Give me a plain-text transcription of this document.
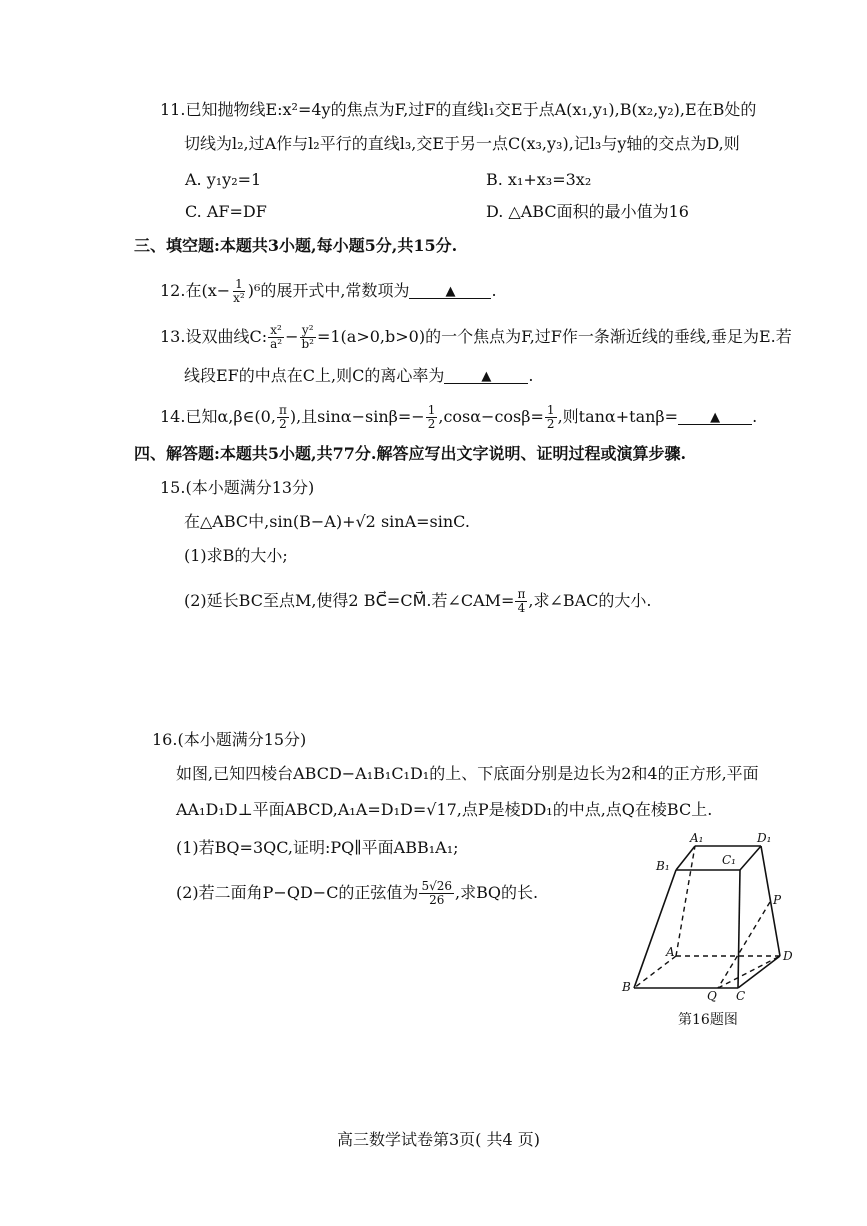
11.已知抛物线E:x²=4y的焦点为F,过F的直线l₁交E于点A(x₁,y₁),B(x₂,y₂),E在B处的
切线为l₂,过A作与l₂平行的直线l₃,交E于另一点C(x₃,y₃),记l₃与y轴的交点为D,则
A. y₁y₂=1	B. x₁+x₃=3x₂
C. AF=DF	D. △ABC面积的最小值为16
三、填空题:本题共3小题,每小题5分,共15分.
12.在$(x- \frac{1}{\text{x²}} )^6$的展开式中,常数项为	▲ .
13.设双曲线C: $\frac{\text{x²}}{\text{a²}} - \frac{\text{y²}}{\text{b²}} =1(a>0,b>0)$的一个焦点为F,过F作一条渐近线的垂线,垂足为E.若
线段EF的中点在C上,则C的离心率为	▲ .
14.已知α,β∈(0, $\frac{\pi}{2}$ ),且$\sin\alpha-\sin\beta=- \frac{1}{2} ,\cos\alpha-\cos\beta= \frac{1}{2}$ ,则tanα+tanβ= ▲ .
四、解答题:本题共5小题,共77分.解答应写出文字说明、证明过程或演算步骤.
15.(本小题满分13分)
在△ABC中,sin(B−A)+√2 sinA=sinC.
(1)求B的大小;
(2)延长BC至点M,使得2 BC⃗=CM⃗.若∠CAM= $\frac{\pi}{4}$ ,求∠BAC的大小.
16.(本小题满分15分)
如图,已知四棱台ABCD−A₁B₁C₁D₁的上、下底面分别是边长为2和4的正方形,平面
AA₁D₁D⊥平面ABCD,A₁A=D₁D=√17,点P是棱DD₁的中点,点Q在棱BC上.
(1)若BQ=3QC,证明:PQ∥平面ABB₁A₁;
(2)若二面角P−QD−C的正弦值为 $\frac{5√26}{26}$ ,求BQ的长.
A₁	D₁
B₁	C₁
P
A	D
B
Q C
第16题图
高三数学试卷第3页( 共4 页)
